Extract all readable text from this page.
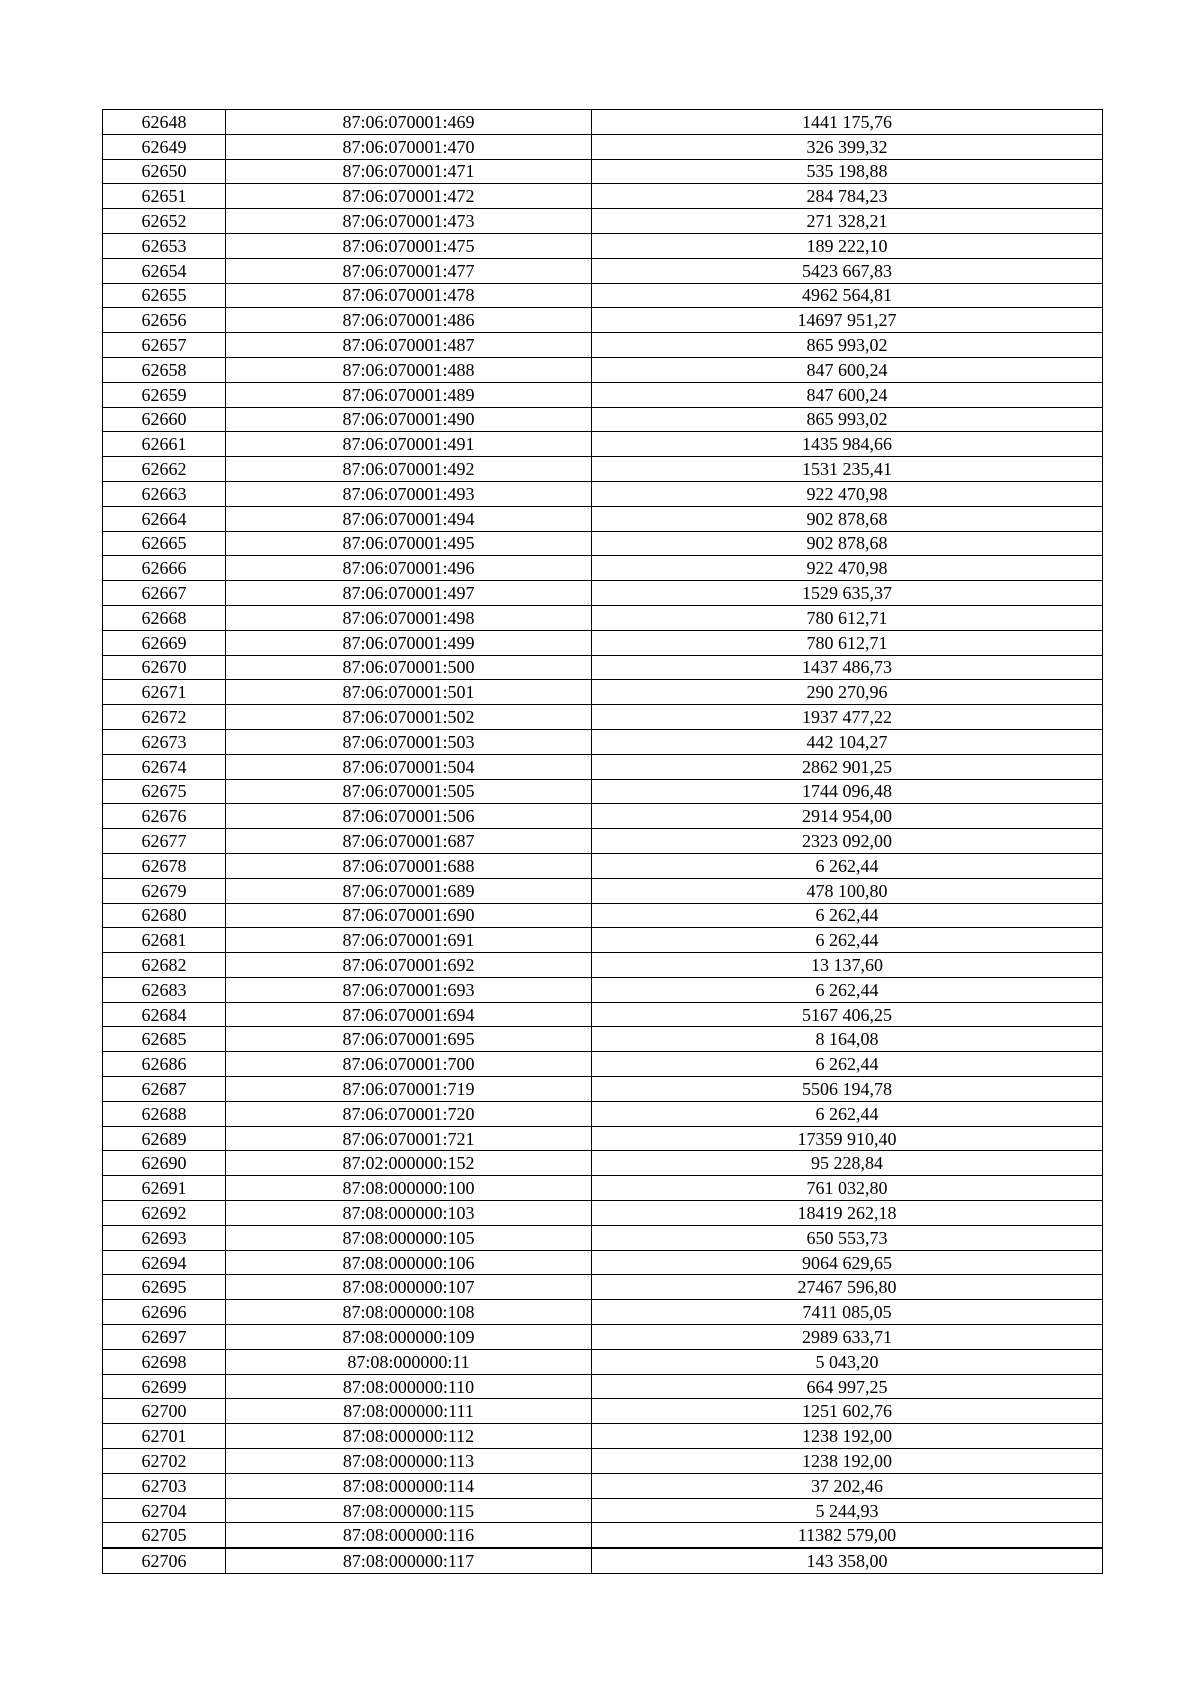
62648	87:06:070001:469	1441 175,76
62649	87:06:070001:470	326 399,32
62650	87:06:070001:471	535 198,88
62651	87:06:070001:472	284 784,23
62652	87:06:070001:473	271 328,21
62653	87:06:070001:475	189 222,10
62654	87:06:070001:477	5423 667,83
62655	87:06:070001:478	4962 564,81
62656	87:06:070001:486	14697 951,27
62657	87:06:070001:487	865 993,02
62658	87:06:070001:488	847 600,24
62659	87:06:070001:489	847 600,24
62660	87:06:070001:490	865 993,02
62661	87:06:070001:491	1435 984,66
62662	87:06:070001:492	1531 235,41
62663	87:06:070001:493	922 470,98
62664	87:06:070001:494	902 878,68
62665	87:06:070001:495	902 878,68
62666	87:06:070001:496	922 470,98
62667	87:06:070001:497	1529 635,37
62668	87:06:070001:498	780 612,71
62669	87:06:070001:499	780 612,71
62670	87:06:070001:500	1437 486,73
62671	87:06:070001:501	290 270,96
62672	87:06:070001:502	1937 477,22
62673	87:06:070001:503	442 104,27
62674	87:06:070001:504	2862 901,25
62675	87:06:070001:505	1744 096,48
62676	87:06:070001:506	2914 954,00
62677	87:06:070001:687	2323 092,00
62678	87:06:070001:688	6 262,44
62679	87:06:070001:689	478 100,80
62680	87:06:070001:690	6 262,44
62681	87:06:070001:691	6 262,44
62682	87:06:070001:692	13 137,60
62683	87:06:070001:693	6 262,44
62684	87:06:070001:694	5167 406,25
62685	87:06:070001:695	8 164,08
62686	87:06:070001:700	6 262,44
62687	87:06:070001:719	5506 194,78
62688	87:06:070001:720	6 262,44
62689	87:06:070001:721	17359 910,40
62690	87:02:000000:152	95 228,84
62691	87:08:000000:100	761 032,80
62692	87:08:000000:103	18419 262,18
62693	87:08:000000:105	650 553,73
62694	87:08:000000:106	9064 629,65
62695	87:08:000000:107	27467 596,80
62696	87:08:000000:108	7411 085,05
62697	87:08:000000:109	2989 633,71
62698	87:08:000000:11	5 043,20
62699	87:08:000000:110	664 997,25
62700	87:08:000000:111	1251 602,76
62701	87:08:000000:112	1238 192,00
62702	87:08:000000:113	1238 192,00
62703	87:08:000000:114	37 202,46
62704	87:08:000000:115	5 244,93
62705	87:08:000000:116	11382 579,00
62706	87:08:000000:117	143 358,00
